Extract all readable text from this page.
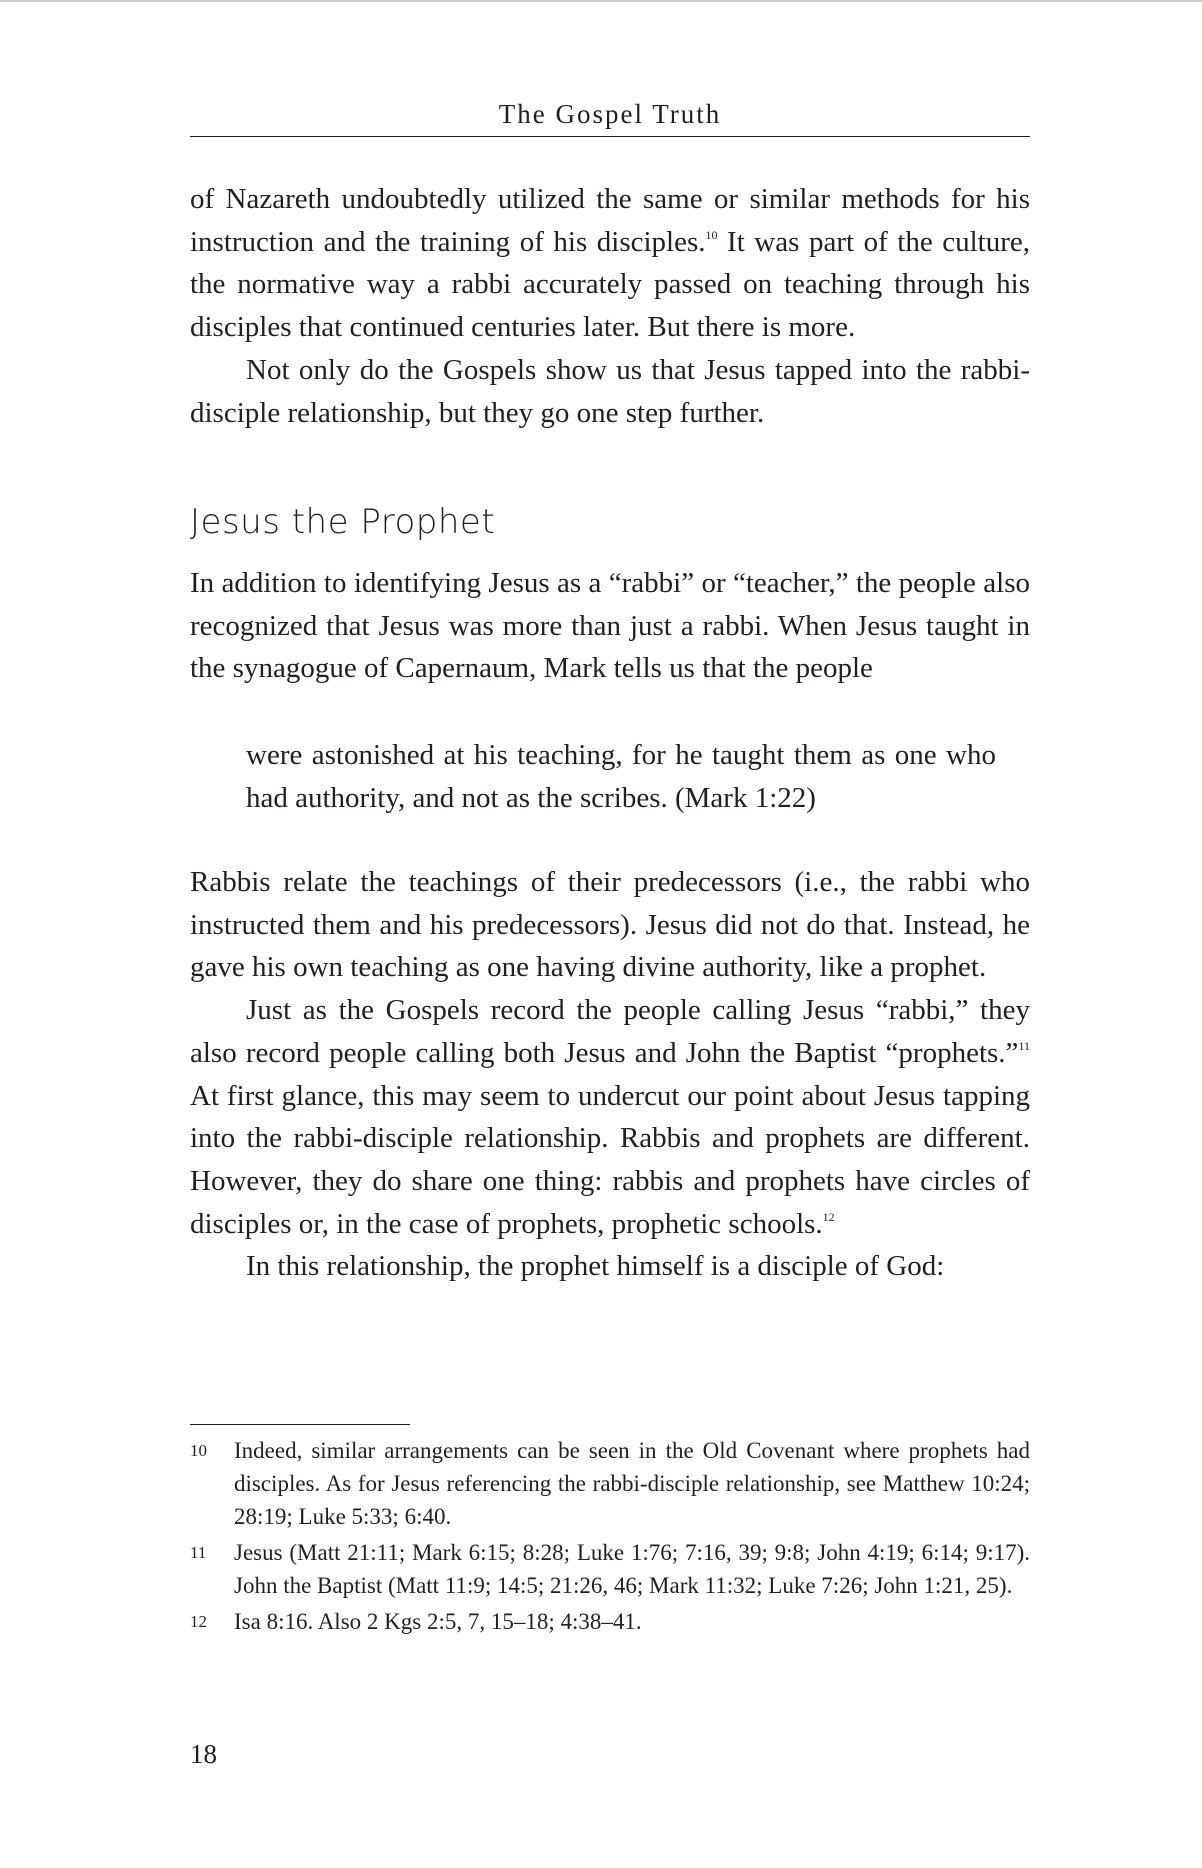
The Gospel Truth

of Nazareth undoubtedly utilized the same or similar methods for his instruction and the training of his disciples.$^{10}$ It was part of the culture, the normative way a rabbi accurately passed on teaching through his disciples that continued centuries later. But there is more.

Not only do the Gospels show us that Jesus tapped into the rabbi-disciple relationship, but they go one step further.

Jesus the Prophet

In addition to identifying Jesus as a “rabbi” or “teacher,” the people also recognized that Jesus was more than just a rabbi. When Jesus taught in the synagogue of Capernaum, Mark tells us that the people

were astonished at his teaching, for he taught them as one who had authority, and not as the scribes. (Mark 1:22)

Rabbis relate the teachings of their predecessors (i.e., the rabbi who instructed them and his predecessors). Jesus did not do that. Instead, he gave his own teaching as one having divine authority, like a prophet.

Just as the Gospels record the people calling Jesus “rabbi,” they also record people calling both Jesus and John the Baptist “prophets.”$^{11}$ At first glance, this may seem to undercut our point about Jesus tapping into the rabbi-disciple relationship. Rabbis and prophets are different. However, they do share one thing: rabbis and prophets have circles of disciples or, in the case of prophets, prophetic schools.$^{12}$

In this relationship, the prophet himself is a disciple of God:

10 Indeed, similar arrangements can be seen in the Old Covenant where prophets had disciples. As for Jesus referencing the rabbi-disciple relationship, see Matthew 10:24; 28:19; Luke 5:33; 6:40.

11 Jesus (Matt 21:11; Mark 6:15; 8:28; Luke 1:76; 7:16, 39; 9:8; John 4:19; 6:14; 9:17). John the Baptist (Matt 11:9; 14:5; 21:26, 46; Mark 11:32; Luke 7:26; John 1:21, 25).

12 Isa 8:16. Also 2 Kgs 2:5, 7, 15–18; 4:38–41.

18
